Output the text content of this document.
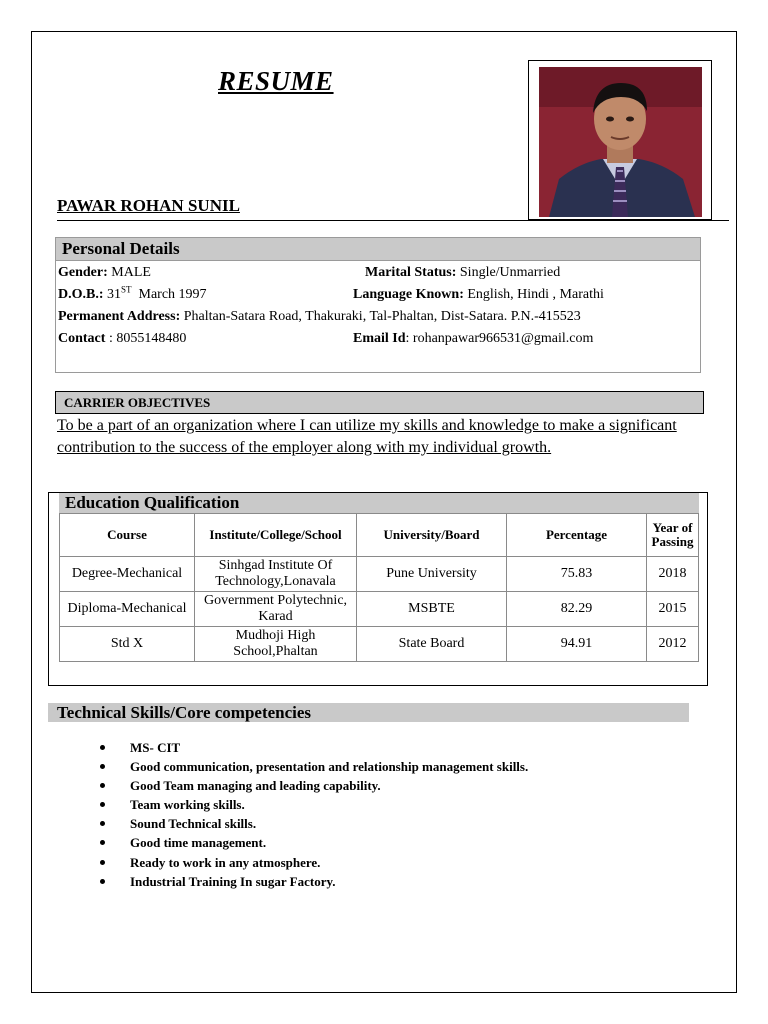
RESUME
PAWAR ROHAN SUNIL
Personal Details
Gender: MALE	Marital Status: Single/Unmarried
D.O.B.: 31ST March 1997	Language Known: English, Hindi , Marathi
Permanent Address: Phaltan-Satara Road, Thakuraki, Tal-Phaltan, Dist-Satara. P.N.-415523
Contact : 8055148480	Email Id: rohanpawar966531@gmail.com
CARRIER OBJECTIVES
To be a part of an organization where I can utilize my skills and knowledge to make a significant contribution to the success of the employer along with my individual growth.
Education Qualification
Course	Institute/College/School	University/Board	Percentage	Year of Passing
Degree-Mechanical	Sinhgad Institute Of Technology,Lonavala	Pune University	75.83	2018
Diploma-Mechanical	Government Polytechnic, Karad	MSBTE	82.29	2015
Std X	Mudhoji High School,Phaltan	State Board	94.91	2012
Technical Skills/Core competencies
MS- CIT
Good communication, presentation and relationship management skills.
Good Team managing and leading capability.
Team working skills.
Sound Technical skills.
Good time management.
Ready to work in any atmosphere.
Industrial Training In sugar Factory.
